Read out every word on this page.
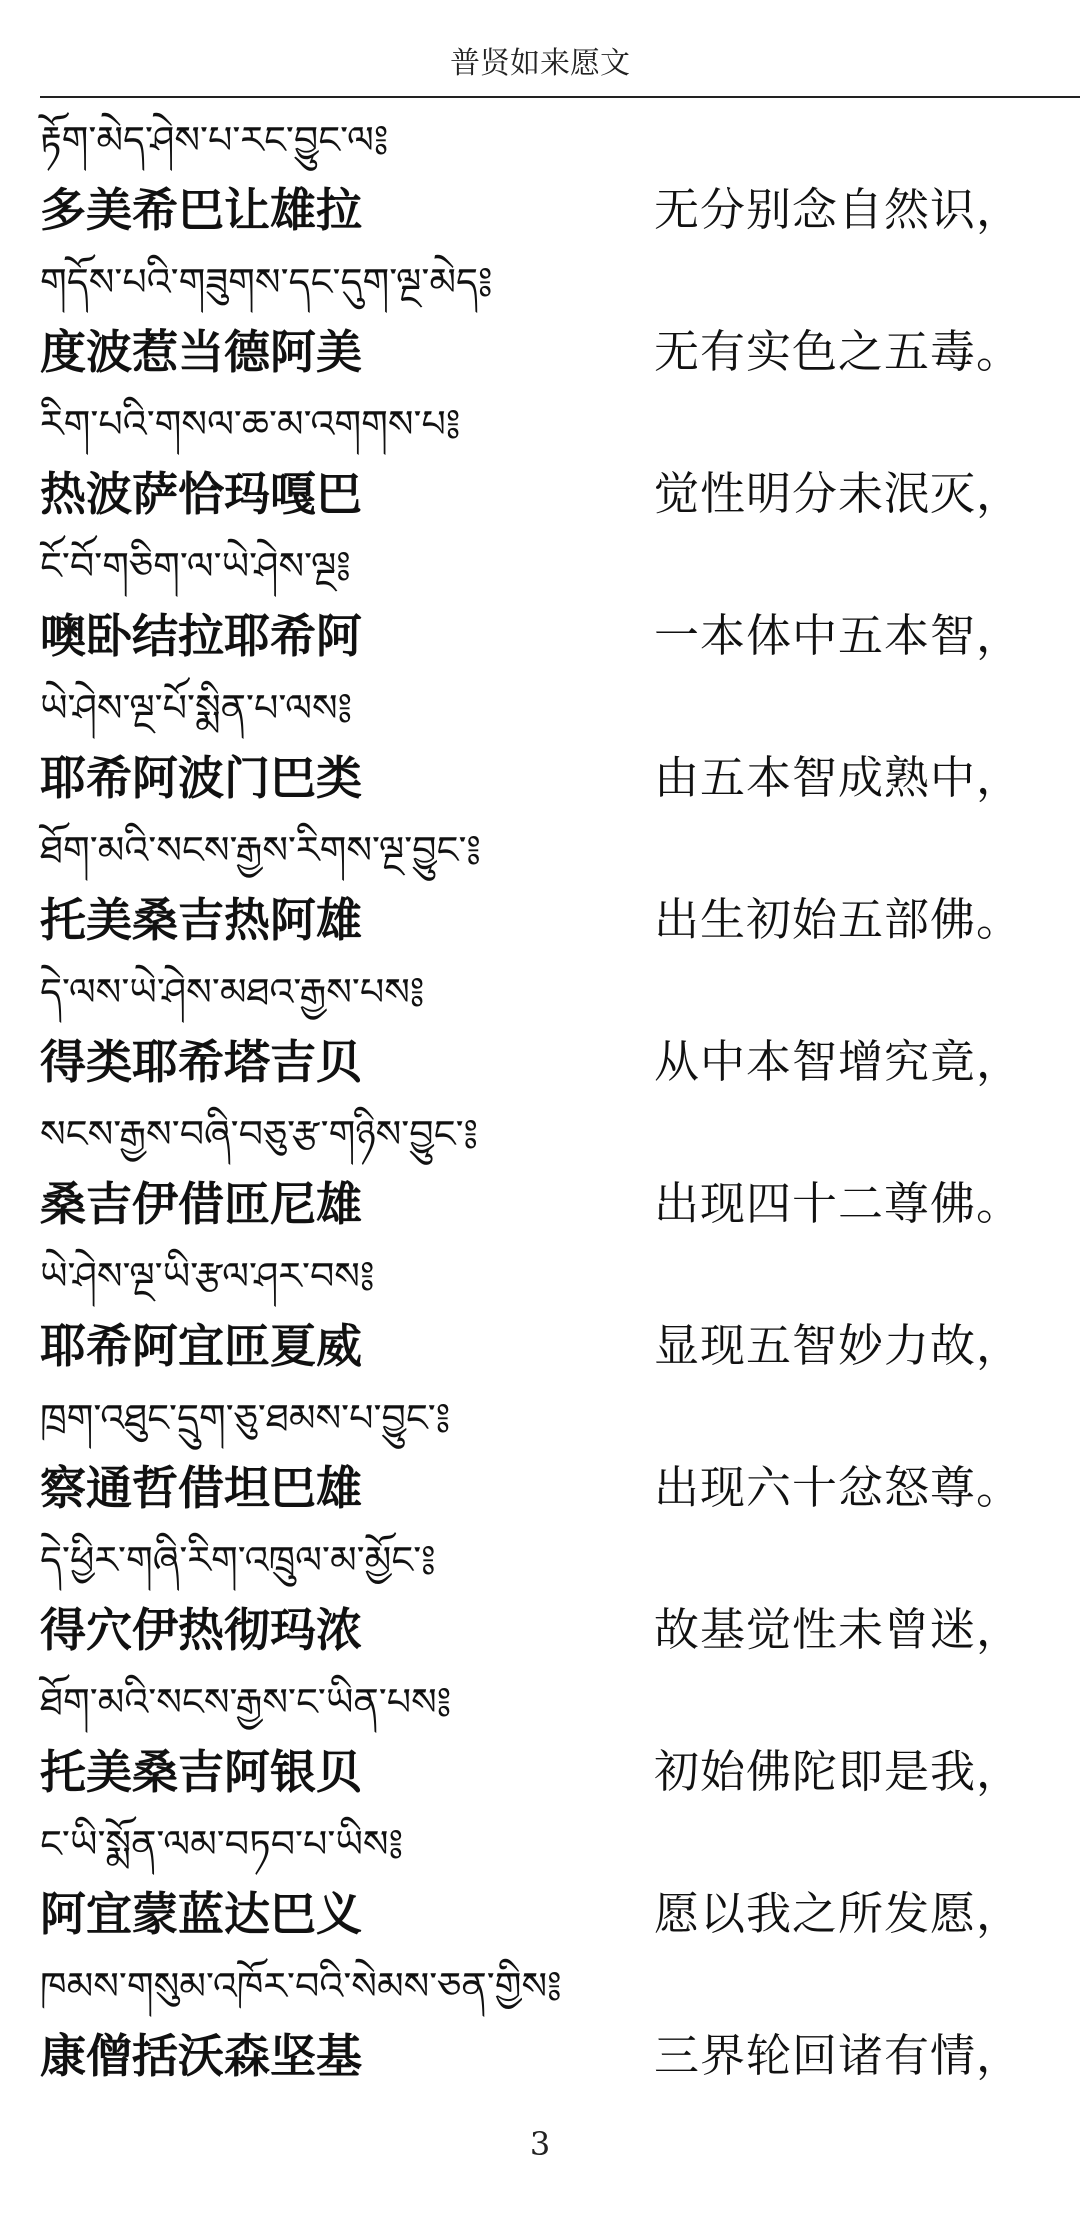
普贤如来愿文
རྟོག་མེད་ཤེས་པ་རང་བྱུང་ལ༔
多美希巴让雄拉	无分别念自然识，
གདོས་པའི་གཟུགས་དང་དུག་ལྔ་མེད༔
度波惹当德阿美	无有实色之五毒。
རིག་པའི་གསལ་ཆ་མ་འགགས་པ༔
热波萨恰玛嘎巴	觉性明分未泯灭，
ངོ་བོ་གཅིག་ལ་ཡེ་ཤེས་ལྔ༔
噢卧结拉耶希阿	一本体中五本智，
ཡེ་ཤེས་ལྔ་པོ་སྨིན་པ་ལས༔
耶希阿波门巴类	由五本智成熟中，
ཐོག་མའི་སངས་རྒྱས་རིགས་ལྔ་བྱུང་༔
托美桑吉热阿雄	出生初始五部佛。
དེ་ལས་ཡེ་ཤེས་མཐའ་རྒྱས་པས༔
得类耶希塔吉贝	从中本智增究竟，
སངས་རྒྱས་བཞི་བཅུ་རྩ་གཉིས་བྱུང་༔
桑吉伊借匝尼雄	出现四十二尊佛。
ཡེ་ཤེས་ལྔ་ཡི་རྩལ་ཤར་བས༔
耶希阿宜匝夏威	显现五智妙力故，
ཁྲག་འཐུང་དྲུག་ཅུ་ཐམས་པ་བྱུང་༔
察通哲借坦巴雄	出现六十忿怒尊。
དེ་ཕྱིར་གཞི་རིག་འཁྲུལ་མ་མྱོང་༔
得穴伊热彻玛浓	故基觉性未曾迷，
ཐོག་མའི་སངས་རྒྱས་ང་ཡིན་པས༔
托美桑吉阿银贝	初始佛陀即是我，
ང་ཡི་སྨོན་ལམ་བཏབ་པ་ཡིས༔
阿宜蒙蓝达巴义	愿以我之所发愿，
ཁམས་གསུམ་འཁོར་བའི་སེམས་ཅན་གྱིས༔
康僧括沃森坚基	三界轮回诸有情，
3
